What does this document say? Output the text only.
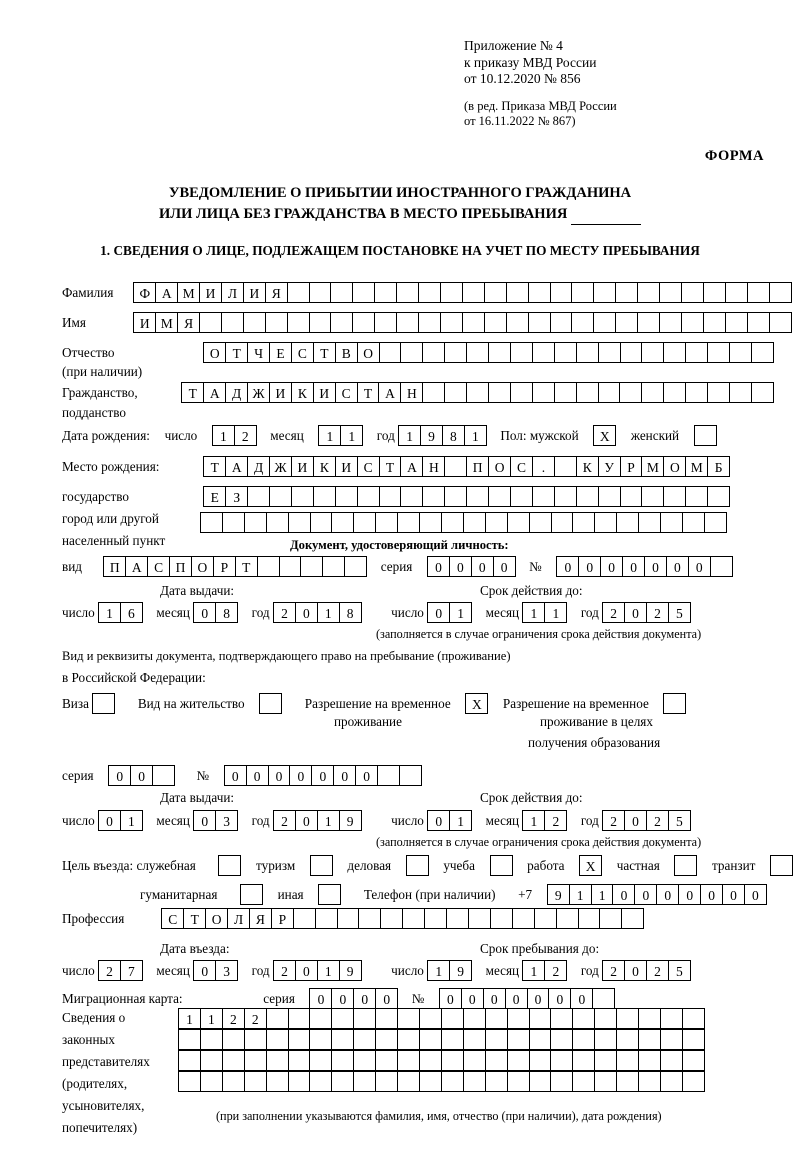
Приложение № 4
к приказу МВД России
от 10.12.2020 № 856
(в ред. Приказа МВД России
от 16.11.2022 № 867)
ФОРМА
УВЕДОМЛЕНИЕ О ПРИБЫТИИ ИНОСТРАННОГО ГРАЖДАНИНА
ИЛИ ЛИЦА БЕЗ ГРАЖДАНСТВА В МЕСТО ПРЕБЫВАНИЯ
1. СВЕДЕНИЯ О ЛИЦЕ, ПОДЛЕЖАЩЕМ ПОСТАНОВКЕ НА УЧЕТ ПО МЕСТУ ПРЕБЫВАНИЯ
Фамилия Ф А М И Л И Я
Имя	И М Я
Отчество	О Т Ч Е С Т В О
(при наличии)
Гражданство,	Т А Д Ж И К И С Т А Н
подданство
Дата рождения: число 1 2 месяц 1 1 год 1 9 8 1 Пол: мужской X женский
Место рождения:	Т А Д Ж И К И С Т А Н	П О С .	К У Р М О М Б
государство	Е З
город или другой
населенный пункт	Документ, удостоверяющий личность:
вид П А С П О Р Т	серия 0 0 0 0 № 0 0 0 0 0 0 0
Дата выдачи:	Срок действия до:
число 1 6 месяц 0 8 год 2 0 1 8	число 0 1 месяц 1 1 год 2 0 2 5
(заполняется в случае ограничения срока действия документа)
Вид и реквизиты документа, подтверждающего право на пребывание (проживание)
в Российской Федерации:
Виза	Вид на жительство	Разрешение на временное X Разрешение на временное
проживание	проживание в целях
получения образования
серия 0 0	№ 0 0 0 0 0 0 0
Дата выдачи:	Срок действия до:
число 0 1 месяц 0 3 год 2 0 1 9	число 0 1 месяц 1 2 год 2 0 2 5
(заполняется в случае ограничения срока действия документа)
Цель въезда: служебная	туризм	деловая	учеба	работа X частная	транзит
гуманитарная	иная	Телефон (при наличии) +7 9 1 1 0 0 0 0 0 0 0
Профессия	С Т О Л Я Р
Дата въезда:	Срок пребывания до:
число 2 7 месяц 0 3 год 2 0 1 9	число 1 9 месяц 1 2 год 2 0 2 5
Миграционная карта:	серия 0 0 0 0 № 0 0 0 0 0 0 0
Сведения о
законных
представителях
(родителях,
усыновителях,
попечителях)
1 1 2 2
(при заполнении указываются фамилия, имя, отчество (при наличии), дата рождения)
